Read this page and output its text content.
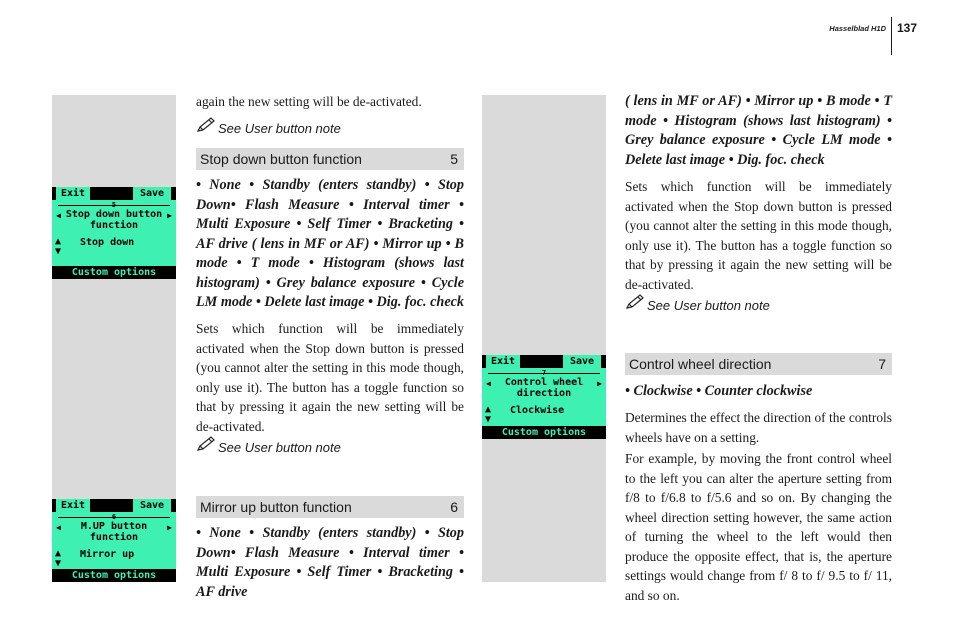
Hasselblad H1D 137
Exit	Save
◀ Stop down button function
▶
▲
▼
Stop down
Custom options
Exit	Save
◀	M.UP button function
▶
▲
▼
Mirror up
Custom options
Exit	Save
◀	Control wheel direction
▶
▲
▼
Clockwise
Custom options
again the new setting will be de-activated.
See User button note
Stop down button function	5
• None • Standby (enters standby) • Stop Down• Flash Measure • Interval timer • Multi Exposure • Self Timer • Bracketing • AF drive ( lens in MF or AF) • Mirror up • B mode • T mode • Histogram (shows last histogram) • Grey balance exposure • Cycle LM mode • Delete last image • Dig. foc. check
Sets which function will be immediately activated when the Stop down button is pressed (you cannot alter the setting in this mode though, only use it). The button has a toggle function so that by pressing it again the new setting will be de-activated.
See User button note
Mirror up button function	6
• None • Standby (enters standby) • Stop Down• Flash Measure • Interval timer • Multi Exposure • Self Timer • Bracketing • AF drive
( lens in MF or AF) • Mirror up • B mode • T mode • Histogram (shows last histogram) • Grey balance exposure • Cycle LM mode • Delete last image • Dig. foc. check
Sets which function will be immediately activated when the Stop down button is pressed (you cannot alter the setting in this mode though, only use it). The button has a toggle function so that by pressing it again the new setting will be de-activated.
See User button note
Control wheel direction	7
• Clockwise • Counter clockwise
Determines the effect the direction of the controls wheels have on a setting.
For example, by moving the front control wheel to the left you can alter the aperture setting from f/8 to f/6.8 to f/5.6 and so on. By changing the wheel direction setting however, the same action of turning the wheel to the left would then produce the opposite effect, that is, the aperture settings would change from f/ 8 to f/ 9.5 to f/ 11, and so on.
